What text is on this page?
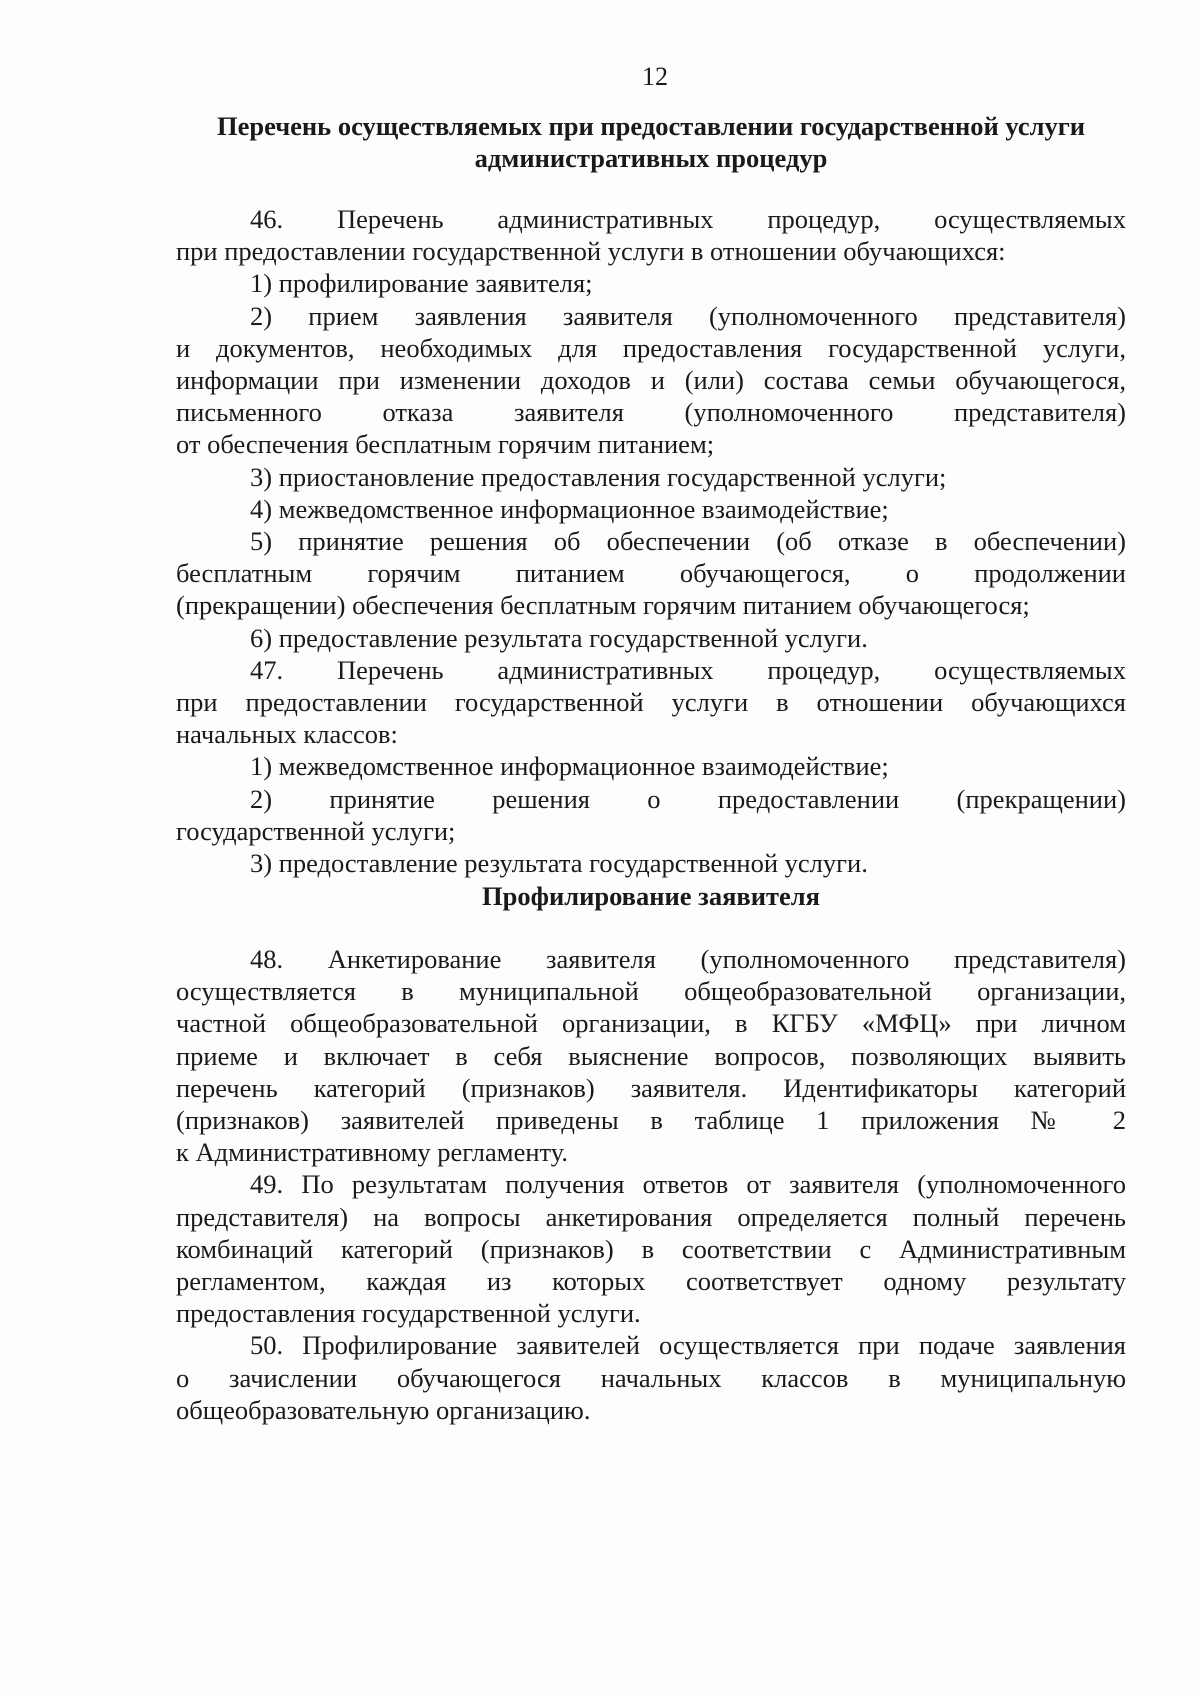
12

Перечень осуществляемых при предоставлении государственной услуги

административных процедур

46. Перечень административных процедур, осуществляемых
при предоставлении государственной услуги в отношении обучающихся:
1) профилирование заявителя;
2) прием заявления заявителя (уполномоченного представителя)
и документов, необходимых для предоставления государственной услуги,
информации при изменении доходов и (или) состава семьи обучающегося,
письменного отказа заявителя (уполномоченного представителя)
от обеспечения бесплатным горячим питанием;
3) приостановление предоставления государственной услуги;
4) межведомственное информационное взаимодействие;
5) принятие решения об обеспечении (об отказе в обеспечении)
бесплатным горячим питанием обучающегося, о продолжении
(прекращении) обеспечения бесплатным горячим питанием обучающегося;
6) предоставление результата государственной услуги.
47. Перечень административных процедур, осуществляемых
при предоставлении государственной услуги в отношении обучающихся
начальных классов:
1) межведомственное информационное взаимодействие;
2) принятие решения о предоставлении (прекращении)
государственной услуги;
3) предоставление результата государственной услуги.

Профилирование заявителя

48. Анкетирование заявителя (уполномоченного представителя)
осуществляется в муниципальной общеобразовательной организации,
частной общеобразовательной организации, в КГБУ «МФЦ» при личном
приеме и включает в себя выяснение вопросов, позволяющих выявить
перечень категорий (признаков) заявителя. Идентификаторы категорий
(признаков) заявителей приведены в таблице 1 приложения № 2
к Административному регламенту.
49. По результатам получения ответов от заявителя (уполномоченного
представителя) на вопросы анкетирования определяется полный перечень
комбинаций категорий (признаков) в соответствии с Административным
регламентом, каждая из которых соответствует одному результату
предоставления государственной услуги.
50. Профилирование заявителей осуществляется при подаче заявления
о зачислении обучающегося начальных классов в муниципальную
общеобразовательную организацию.
